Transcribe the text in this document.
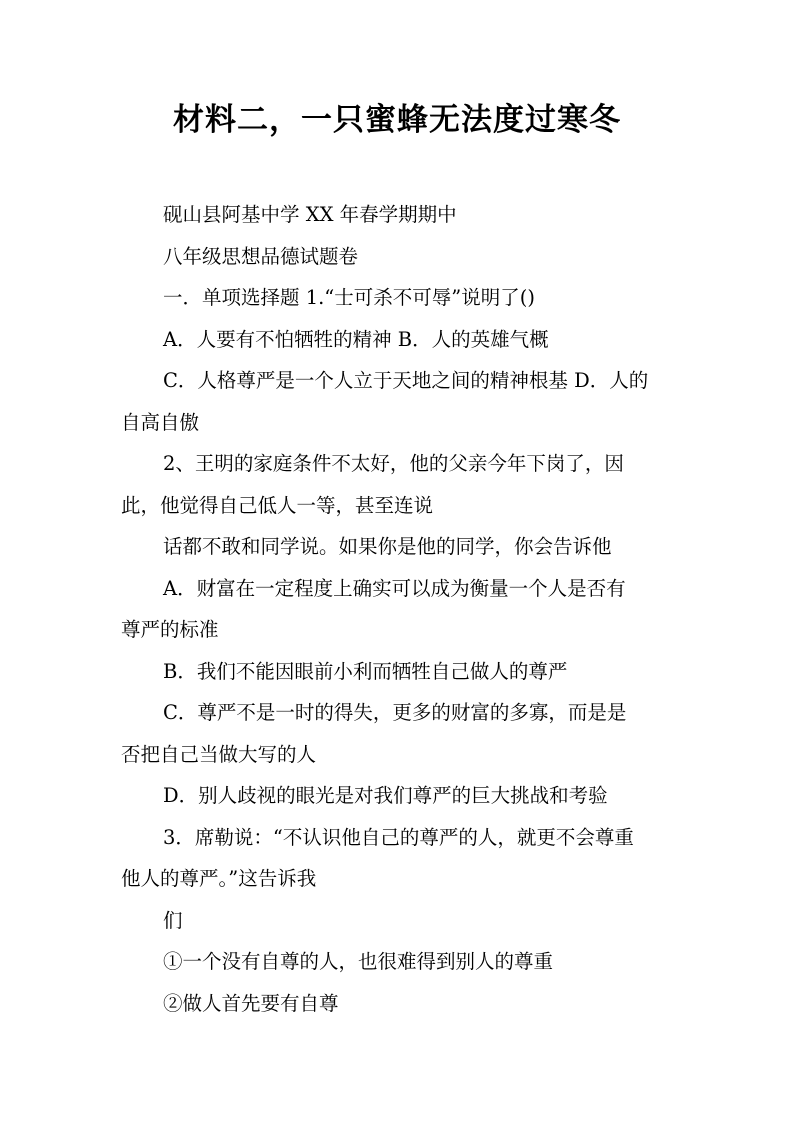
材料二，一只蜜蜂无法度过寒冬

砚山县阿基中学 XX 年春学期期中

八年级思想品德试题卷

一．单项选择题 1.“士可杀不可辱”说明了()

A．人要有不怕牺牲的精神 B．人的英雄气概

C．人格尊严是一个人立于天地之间的精神根基 D．人的

自高自傲

2、王明的家庭条件不太好，他的父亲今年下岗了，因

此，他觉得自己低人一等，甚至连说

话都不敢和同学说。如果你是他的同学，你会告诉他

A．财富在一定程度上确实可以成为衡量一个人是否有

尊严的标准

B．我们不能因眼前小利而牺牲自己做人的尊严

C．尊严不是一时的得失，更多的财富的多寡，而是是

否把自己当做大写的人

D．别人歧视的眼光是对我们尊严的巨大挑战和考验

3．席勒说：“不认识他自己的尊严的人，就更不会尊重

他人的尊严。”这告诉我

们

①一个没有自尊的人，也很难得到别人的尊重

②做人首先要有自尊
